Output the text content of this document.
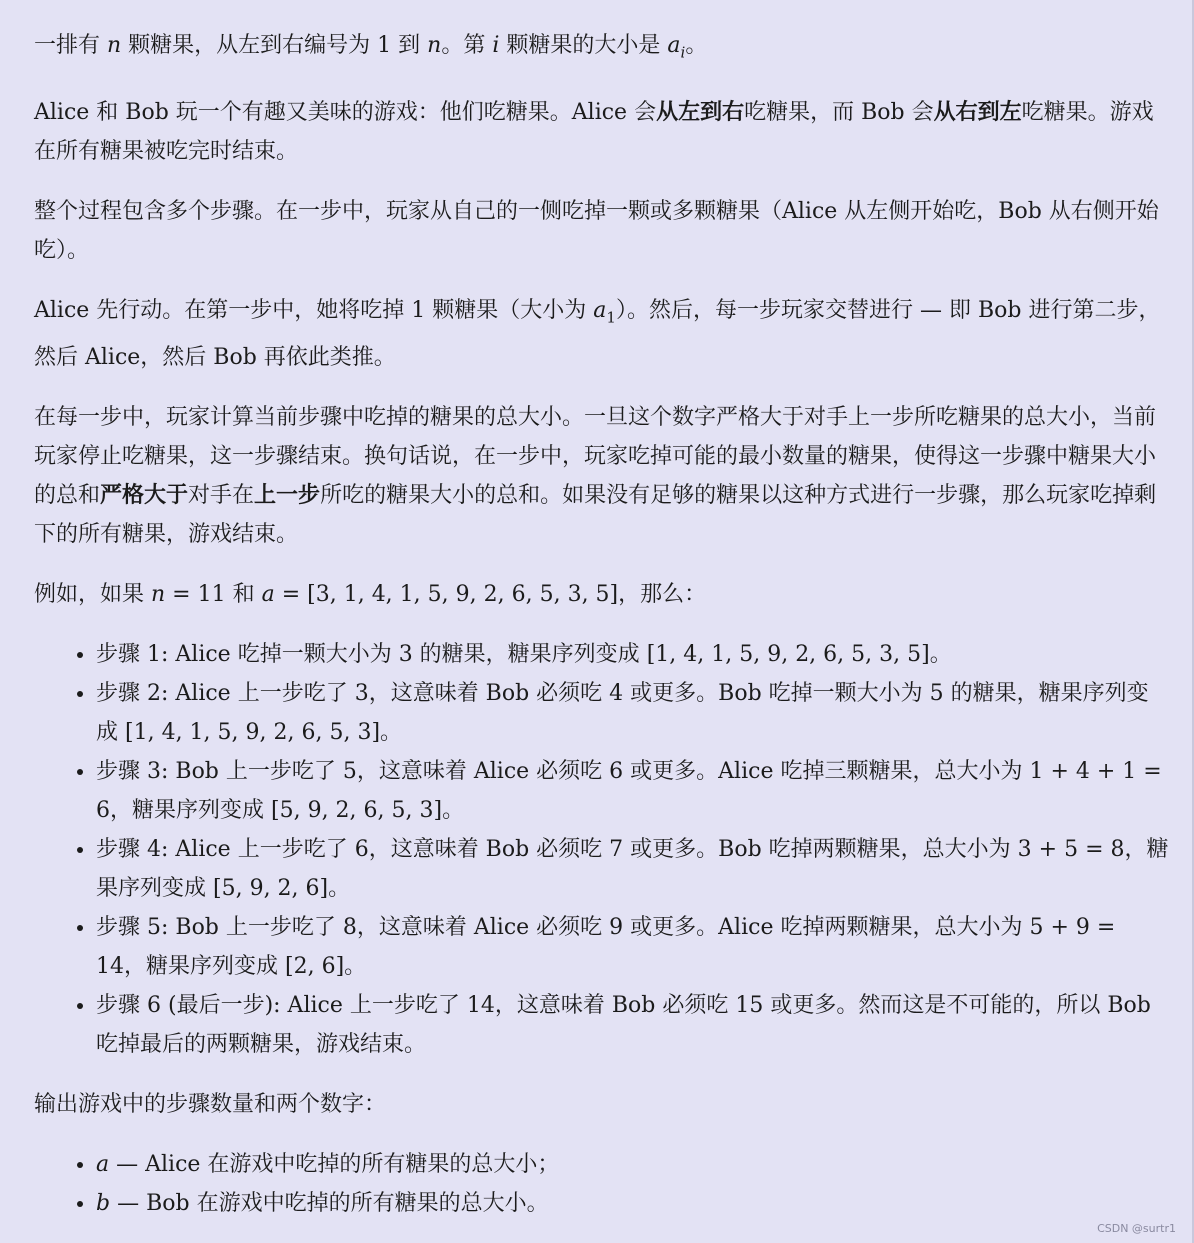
一排有 n 颗糖果，从左到右编号为 1 到 n。第 i 颗糖果的大小是 $a_i$。

Alice 和 Bob 玩一个有趣又美味的游戏：他们吃糖果。Alice 会从左到右吃糖果，而 Bob 会从右到左吃糖果。游戏在所有糖果被吃完时结束。

整个过程包含多个步骤。在一步中，玩家从自己的一侧吃掉一颗或多颗糖果（Alice 从左侧开始吃，Bob 从右侧开始吃）。

Alice 先行动。在第一步中，她将吃掉 1 颗糖果（大小为 $a_1$）。然后，每一步玩家交替进行 — 即 Bob 进行第二步，然后 Alice，然后 Bob 再依此类推。

在每一步中，玩家计算当前步骤中吃掉的糖果的总大小。一旦这个数字严格大于对手上一步所吃糖果的总大小，当前玩家停止吃糖果，这一步骤结束。换句话说，在一步中，玩家吃掉可能的最小数量的糖果，使得这一步骤中糖果大小的总和严格大于对手在上一步所吃的糖果大小的总和。如果没有足够的糖果以这种方式进行一步骤，那么玩家吃掉剩下的所有糖果，游戏结束。

例如，如果 n = 11 和 a = [3, 1, 4, 1, 5, 9, 2, 6, 5, 3, 5]，那么：

• 步骤 1: Alice 吃掉一颗大小为 3 的糖果，糖果序列变成 [1, 4, 1, 5, 9, 2, 6, 5, 3, 5]。
• 步骤 2: Alice 上一步吃了 3，这意味着 Bob 必须吃 4 或更多。Bob 吃掉一颗大小为 5 的糖果，糖果序列变成 [1, 4, 1, 5, 9, 2, 6, 5, 3]。
• 步骤 3: Bob 上一步吃了 5，这意味着 Alice 必须吃 6 或更多。Alice 吃掉三颗糖果，总大小为 1 + 4 + 1 = 6，糖果序列变成 [5, 9, 2, 6, 5, 3]。
• 步骤 4: Alice 上一步吃了 6，这意味着 Bob 必须吃 7 或更多。Bob 吃掉两颗糖果，总大小为 3 + 5 = 8，糖果序列变成 [5, 9, 2, 6]。
• 步骤 5: Bob 上一步吃了 8，这意味着 Alice 必须吃 9 或更多。Alice 吃掉两颗糖果，总大小为 5 + 9 = 14，糖果序列变成 [2, 6]。
• 步骤 6 (最后一步): Alice 上一步吃了 14，这意味着 Bob 必须吃 15 或更多。然而这是不可能的，所以 Bob 吃掉最后的两颗糖果，游戏结束。

输出游戏中的步骤数量和两个数字：

• a — Alice 在游戏中吃掉的所有糖果的总大小；
• b — Bob 在游戏中吃掉的所有糖果的总大小。
CSDN @surtr1
